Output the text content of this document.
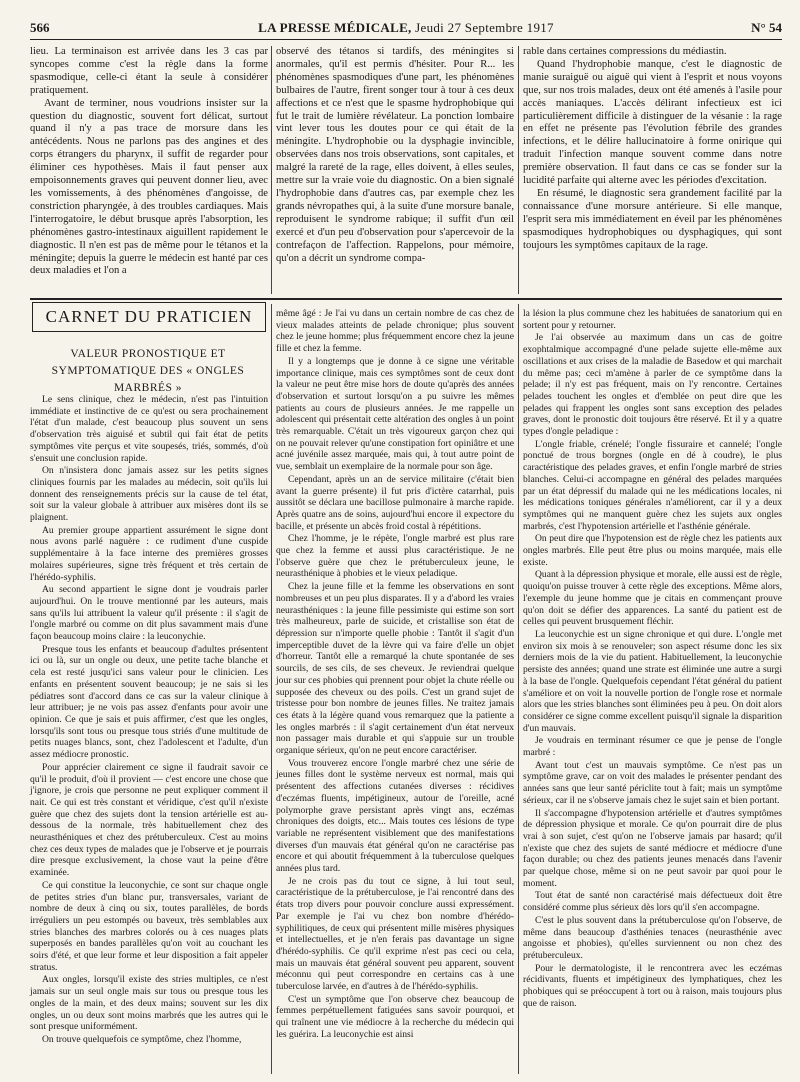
566	LA PRESSE MÉDICALE, Jeudi 27 Septembre 1917	N° 54

lieu. La terminaison est arrivée dans les 3 cas par syncopes comme c'est la règle dans la forme spasmodique, celle-ci étant la seule à considérer pratiquement.

Avant de terminer, nous voudrions insister sur la question du diagnostic, souvent fort délicat, surtout quand il n'y a pas trace de morsure dans les antécédents. Nous ne parlons pas des angines et des corps étrangers du pharynx, il suffit de regarder pour éliminer ces hypothèses. Mais il faut penser aux empoisonnements graves qui peuvent donner lieu, avec les vomissements, à des phénomènes d'angoisse, de constriction pharyngée, à des troubles cardiaques. Mais l'interrogatoire, le début brusque après l'absorption, les phénomènes gastro-intestinaux aiguillent rapidement le diagnostic. Il n'en est pas de même pour le tétanos et la méningite; depuis la guerre le médecin est hanté par ces deux maladies et l'on a

observé des tétanos si tardifs, des méningites si anormales, qu'il est permis d'hésiter. Pour R... les phénomènes spasmodiques d'une part, les phénomènes bulbaires de l'autre, firent songer tour à tour à ces deux affections et ce n'est que le spasme hydrophobique qui fut le trait de lumière révélateur. La ponction lombaire vint lever tous les doutes pour ce qui était de la méningite. L'hydrophobie ou la dysphagie invincible, observées dans nos trois observations, sont capitales, et malgré la rareté de la rage, elles doivent, à elles seules, mettre sur la vraie voie du diagnostic. On a bien signalé l'hydrophobie dans d'autres cas, par exemple chez les grands névropathes qui, à la suite d'une morsure banale, reproduisent le syndrome rabique; il suffit d'un œil exercé et d'un peu d'observation pour s'apercevoir de la contrefaçon de l'affection. Rappelons, pour mémoire, qu'on a décrit un syndrome compa-

rable dans certaines compressions du médiastin.

Quand l'hydrophobie manque, c'est le diagnostic de manie suraiguë ou aiguë qui vient à l'esprit et nous voyons que, sur nos trois malades, deux ont été amenés à l'asile pour accès maniaques. L'accès délirant infectieux est ici particulièrement difficile à distinguer de la vésanie : la rage en effet ne présente pas l'évolution fébrile des grandes infections, et le délire hallucinatoire à forme onirique qui traduit l'infection manque souvent comme dans notre première observation. Il faut dans ce cas se fonder sur la lucidité parfaite qui alterne avec les périodes d'excitation.

En résumé, le diagnostic sera grandement facilité par la connaissance d'une morsure antérieure. Si elle manque, l'esprit sera mis immédiatement en éveil par les phénomènes spasmodiques hydrophobiques ou dysphagiques, qui sont toujours les symptômes capitaux de la rage.

CARNET DU PRATICIEN
VALEUR PRONOSTIQUE ET SYMPTOMATIQUE DES « ONGLES MARBRÉS »

Le sens clinique, chez le médecin, n'est pas l'intuition immédiate et instinctive de ce qu'est ou sera prochainement l'état d'un malade, c'est beaucoup plus souvent un sens d'observation très aiguisé et subtil qui fait état de petits symptômes vite perçus et vite soupesés, triés, sommés, d'où s'ensuit une conclusion rapide.

On n'insistera donc jamais assez sur les petits signes cliniques fournis par les malades au médecin, soit qu'ils lui donnent des renseignements précis sur la cause de tel état, soit sur la valeur globale à attribuer aux misères dont ils se plaignent.

Au premier groupe appartient assurément le signe dont nous avons parlé naguère : ce rudiment d'une cuspide supplémentaire à la face interne des premières grosses molaires supérieures, signe très fréquent et très certain de l'hérédo-syphilis.

Au second appartient le signe dont je voudrais parler aujourd'hui. On le trouve mentionné par les auteurs, mais sans qu'ils lui attribuent la valeur qu'il présente : il s'agit de l'ongle marbré ou comme on dit plus savamment mais d'une façon beaucoup moins claire : la leuconychie.

Presque tous les enfants et beaucoup d'adultes présentent ici ou là, sur un ongle ou deux, une petite tache blanche et cela est resté jusqu'ici sans valeur pour le clinicien. Les enfants en présentent souvent beaucoup; je ne sais si les pédiatres sont d'accord dans ce cas sur la valeur clinique à leur attribuer; je ne vois pas assez d'enfants pour avoir une opinion. Ce que je sais et puis affirmer, c'est que les ongles, lorsqu'ils sont tous ou presque tous striés d'une multitude de petits nuages blancs, sont, chez l'adolescent et l'adulte, d'un assez médiocre pronostic.

Pour apprécier clairement ce signe il faudrait savoir ce qu'il le produit, d'où il provient — c'est encore une chose que j'ignore, je crois que personne ne peut expliquer comment il nait. Ce qui est très constant et véridique, c'est qu'il n'existe guère que chez des sujets dont la tension artérielle est au-dessous de la normale, très habituellement chez des neurasthéniques et chez des prétuberculeux. C'est au moins chez ces deux types de malades que je l'observe et je pourrais dire presque exclusivement, la chose vaut la peine d'être examinée.

Ce qui constitue la leuconychie, ce sont sur chaque ongle de petites stries d'un blanc pur, transversales, variant de nombre de deux à cinq ou six, toutes parallèles, de bords irréguliers un peu estompés ou baveux, très semblables aux stries blanches des marbres colorés ou à ces nuages plats superposés en bandes parallèles qu'on voit au couchant les soirs d'été, et que leur forme et leur disposition a fait appeler stratus.

Aux ongles, lorsqu'il existe des stries multiples, ce n'est jamais sur un seul ongle mais sur tous ou presque tous les ongles de la main, et des deux mains; souvent sur les dix ongles, un ou deux sont moins marbrés que les autres qui le sont presque uniformément.

On trouve quelquefois ce symptôme, chez l'homme,

même âgé : Je l'ai vu dans un certain nombre de cas chez de vieux malades atteints de pelade chronique; plus souvent chez le jeune homme; plus fréquemment encore chez la jeune fille et chez la femme.

Il y a longtemps que je donne à ce signe une véritable importance clinique, mais ces symptômes sont de ceux dont la valeur ne peut être mise hors de doute qu'après des années d'observation et surtout lorsqu'on a pu suivre les mêmes patients au cours de plusieurs années. Je me rappelle un adolescent qui présentait cette altération des ongles à un point très remarquable. C'était un très vigoureux garçon chez qui on ne pouvait relever qu'une constipation fort opiniâtre et une acné juvénile assez marquée, mais qui, à tout autre point de vue, semblait un exemplaire de la normale pour son âge.

Cependant, après un an de service militaire (c'était bien avant la guerre présente) il fut pris d'ictère catarrhal, puis aussitôt se déclara une bacillose pulmonaire à marche rapide. Après quatre ans de soins, aujourd'hui encore il expectore du bacille, et présente un abcès froid costal à répétitions.

Chez l'homme, je le répète, l'ongle marbré est plus rare que chez la femme et aussi plus caractéristique. Je ne l'observe guère que chez le prétuberculeux jeune, le neurasthénique à phobies et le vieux peladique.

Chez la jeune fille et la femme les observations en sont nombreuses et un peu plus disparates. Il y a d'abord les vraies neurasthéniques : la jeune fille pessimiste qui estime son sort très malheureux, parle de suicide, et cristallise son état de dépression sur n'importe quelle phobie : Tantôt il s'agit d'un imperceptible duvet de la lèvre qui va faire d'elle un objet d'horreur. Tantôt elle a remarqué la chute spontanée de ses sourcils, de ses cils, de ses cheveux. Je reviendrai quelque jour sur ces phobies qui prennent pour objet la chute réelle ou supposée des cheveux ou des poils. C'est un grand sujet de tristesse pour bon nombre de jeunes filles. Ne traitez jamais ces états à la légère quand vous remarquez que la patiente a les ongles marbrés : il s'agit certainement d'un état nerveux non passager mais durable et qui s'appuie sur un trouble organique sérieux, qu'on ne peut encore caractériser.

Vous trouverez encore l'ongle marbré chez une série de jeunes filles dont le système nerveux est normal, mais qui présentent des affections cutanées diverses : récidives d'eczémas fluents, impétigineux, autour de l'oreille, acné polymorphe grave persistant après vingt ans, eczémas chroniques des doigts, etc... Mais toutes ces lésions de type variable ne représentent visiblement que des manifestations diverses d'un mauvais état général qu'on ne caractérise pas encore et qui aboutit fréquemment à la tuberculose quelques années plus tard.

Je ne crois pas du tout ce signe, à lui tout seul, caractéristique de la prétuberculose, je l'ai rencontré dans des états trop divers pour pouvoir conclure aussi expressément. Par exemple je l'ai vu chez bon nombre d'hérédo-syphilitiques, de ceux qui présentent mille misères physiques et intellectuelles, et je n'en ferais pas davantage un signe d'hérédo-syphilis. Ce qu'il exprime n'est pas ceci ou cela, mais un mauvais état général souvent peu apparent, souvent méconnu qui peut correspondre en certains cas à une tuberculose larvée, en d'autres à de l'hérédo-syphilis.

C'est un symptôme que l'on observe chez beaucoup de femmes perpétuellement fatiguées sans savoir pourquoi, et qui traînent une vie médiocre à la recherche du médecin qui les guérira. La leuconychie est ainsi

la lésion la plus commune chez les habituées de sanatorium qui en sortent pour y retourner.

Je l'ai observée au maximum dans un cas de goitre exophtalmique accompagné d'une pelade sujette elle-même aux oscillations et aux crises de la maladie de Basedow et qui marchait du même pas; ceci m'amène à parler de ce symptôme dans la pelade; il n'y est pas fréquent, mais on l'y rencontre. Certaines pelades touchent les ongles et d'emblée on peut dire que les pelades qui frappent les ongles sont sans exception des pelades graves, dont le pronostic doit toujours être réservé. Et il y a quatre types d'ongle peladique :

L'ongle friable, crénelé; l'ongle fissuraire et cannelé; l'ongle ponctué de trous borgnes (ongle en dé à coudre), le plus caractéristique des pelades graves, et enfin l'ongle marbré de stries blanches. Celui-ci accompagne en général des pelades marquées par un état dépressif du malade qui ne les médications locales, ni les médications toniques générales n'améliorent, car il y a deux symptômes qui ne manquent guère chez les sujets aux ongles marbrés, c'est l'hypotension artérielle et l'asthénie générale.

On peut dire que l'hypotension est de règle chez les patients aux ongles marbrés. Elle peut être plus ou moins marquée, mais elle existe.

Quant à la dépression physique et morale, elle aussi est de règle, quoiqu'on puisse trouver à cette règle des exceptions. Même alors, l'exemple du jeune homme que je citais en commençant prouve qu'on doit se défier des apparences. La santé du patient est de celles qui peuvent brusquement fléchir.

La leuconychie est un signe chronique et qui dure. L'ongle met environ six mois à se renouveler; son aspect résume donc les six derniers mois de la vie du patient. Habituellement, la leuconychie persiste des années; quand une strate est éliminée une autre a surgi à la base de l'ongle. Quelquefois cependant l'état général du patient s'améliore et on voit la nouvelle portion de l'ongle rose et normale alors que les stries blanches sont éliminées peu à peu. On doit alors considérer ce signe comme excellent puisqu'il signale la disparition d'un mauvais.

Je voudrais en terminant résumer ce que je pense de l'ongle marbré :

Avant tout c'est un mauvais symptôme. Ce n'est pas un symptôme grave, car on voit des malades le présenter pendant des années sans que leur santé périclite tout à fait; mais un symptôme sérieux, car il ne s'observe jamais chez le sujet sain et bien portant.

Il s'accompagne d'hypotension artérielle et d'autres symptômes de dépression physique et morale. Ce qu'on pourrait dire de plus vrai à son sujet, c'est qu'on ne l'observe jamais par hasard; qu'il n'existe que chez des sujets de santé médiocre et médiocre d'une façon durable; ou chez des patients jeunes menacés dans l'avenir par quelque chose, même si on ne peut savoir par quoi pour le moment.

Tout état de santé non caractérisé mais défectueux doit être considéré comme plus sérieux dès lors qu'il s'en accompagne.

C'est le plus souvent dans la prétuberculose qu'on l'observe, de même dans beaucoup d'asthénies tenaces (neurasthénie avec angoisse et phobies), qu'elles surviennent ou non chez des prétuberculeux.

Pour le dermatologiste, il le rencontrera avec les eczémas récidivants, fluents et impétigineux des lymphatiques, chez les phobiques qui se préoccupent à tort ou à raison, mais toujours plus que de raison.
